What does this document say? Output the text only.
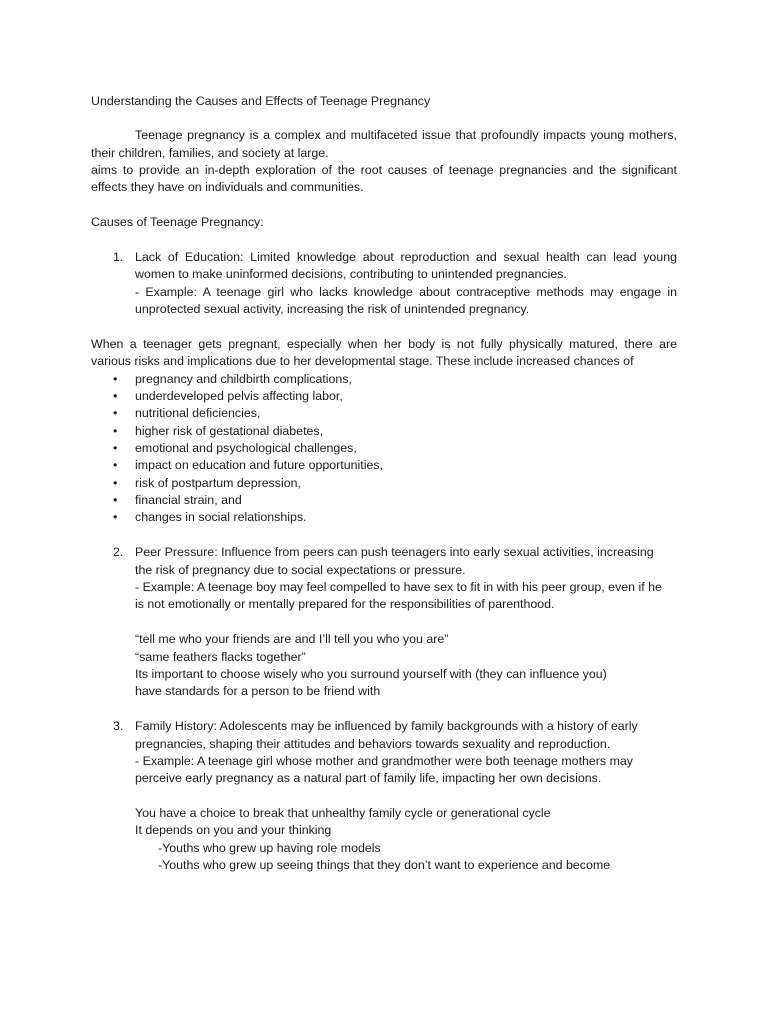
Understanding the Causes and Effects of Teenage Pregnancy
Teenage pregnancy is a complex and multifaceted issue that profoundly impacts young mothers,
their children, families, and society at large.
aims to provide an in-depth exploration of the root causes of teenage pregnancies and the significant
effects they have on individuals and communities.
Causes of Teenage Pregnancy:
1. Lack of Education: Limited knowledge about reproduction and sexual health can lead young
women to make uninformed decisions, contributing to unintended pregnancies.
- Example: A teenage girl who lacks knowledge about contraceptive methods may engage in
unprotected sexual activity, increasing the risk of unintended pregnancy.
When a teenager gets pregnant, especially when her body is not fully physically matured, there are
various risks and implications due to her developmental stage. These include increased chances of
• pregnancy and childbirth complications,
• underdeveloped pelvis affecting labor,
• nutritional deficiencies,
• higher risk of gestational diabetes,
• emotional and psychological challenges,
• impact on education and future opportunities,
• risk of postpartum depression,
• financial strain, and
• changes in social relationships.
2. Peer Pressure: Influence from peers can push teenagers into early sexual activities, increasing
the risk of pregnancy due to social expectations or pressure.
- Example: A teenage boy may feel compelled to have sex to fit in with his peer group, even if he
is not emotionally or mentally prepared for the responsibilities of parenthood.
“tell me who your friends are and I’ll tell you who you are”
“same feathers flacks together”
Its important to choose wisely who you surround yourself with (they can influence you)
have standards for a person to be friend with
3. Family History: Adolescents may be influenced by family backgrounds with a history of early
pregnancies, shaping their attitudes and behaviors towards sexuality and reproduction.
- Example: A teenage girl whose mother and grandmother were both teenage mothers may
perceive early pregnancy as a natural part of family life, impacting her own decisions.
You have a choice to break that unhealthy family cycle or generational cycle
It depends on you and your thinking
-Youths who grew up having role models
-Youths who grew up seeing things that they don’t want to experience and become
